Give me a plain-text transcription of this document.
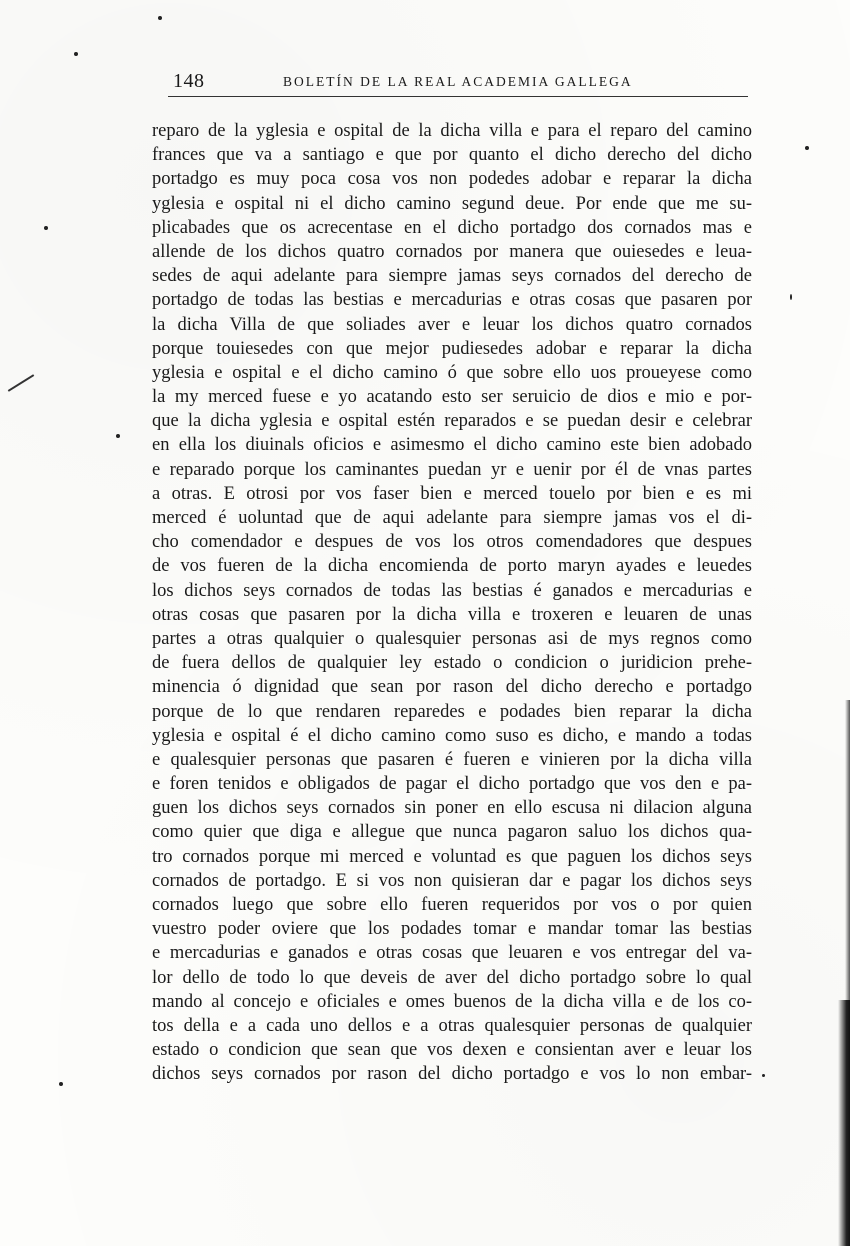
148	BOLETÍN DE LA REAL ACADEMIA GALLEGA
reparo de la yglesia e ospital de la dicha villa e para el reparo del camino
frances que va a santiago e que por quanto el dicho derecho del dicho
portadgo es muy poca cosa vos non podedes adobar e reparar la dicha
yglesia e ospital ni el dicho camino segund deue. Por ende que me su-
plicabades que os acrecentase en el dicho portadgo dos cornados mas e
allende de los dichos quatro cornados por manera que ouiesedes e leua-
sedes de aqui adelante para siempre jamas seys cornados del derecho de
portadgo de todas las bestias e mercadurias e otras cosas que pasaren por
la dicha Villa de que soliades aver e leuar los dichos quatro cornados
porque touiesedes con que mejor pudiesedes adobar e reparar la dicha
yglesia e ospital e el dicho camino ó que sobre ello uos proueyese como
la my merced fuese e yo acatando esto ser seruicio de dios e mio e por-
que la dicha yglesia e ospital estén reparados e se puedan desir e celebrar
en ella los diuinals oficios e asimesmo el dicho camino este bien adobado
e reparado porque los caminantes puedan yr e uenir por él de vnas partes
a otras. E otrosi por vos faser bien e merced touelo por bien e es mi
merced é uoluntad que de aqui adelante para siempre jamas vos el di-
cho comendador e despues de vos los otros comendadores que despues
de vos fueren de la dicha encomienda de porto maryn ayades e leuedes
los dichos seys cornados de todas las bestias é ganados e mercadurias e
otras cosas que pasaren por la dicha villa e troxeren e leuaren de unas
partes a otras qualquier o qualesquier personas asi de mys regnos como
de fuera dellos de qualquier ley estado o condicion o juridicion prehe-
minencia ó dignidad que sean por rason del dicho derecho e portadgo
porque de lo que rendaren reparedes e podades bien reparar la dicha
yglesia e ospital é el dicho camino como suso es dicho, e mando a todas
e qualesquier personas que pasaren é fueren e vinieren por la dicha villa
e foren tenidos e obligados de pagar el dicho portadgo que vos den e pa-
guen los dichos seys cornados sin poner en ello escusa ni dilacion alguna
como quier que diga e allegue que nunca pagaron saluo los dichos qua-
tro cornados porque mi merced e voluntad es que paguen los dichos seys
cornados de portadgo. E si vos non quisieran dar e pagar los dichos seys
cornados luego que sobre ello fueren requeridos por vos o por quien
vuestro poder oviere que los podades tomar e mandar tomar las bestias
e mercadurias e ganados e otras cosas que leuaren e vos entregar del va-
lor dello de todo lo que deveis de aver del dicho portadgo sobre lo qual
mando al concejo e oficiales e omes buenos de la dicha villa e de los co-
tos della e a cada uno dellos e a otras qualesquier personas de qualquier
estado o condicion que sean que vos dexen e consientan aver e leuar los
dichos seys cornados por rason del dicho portadgo e vos lo non embar-
